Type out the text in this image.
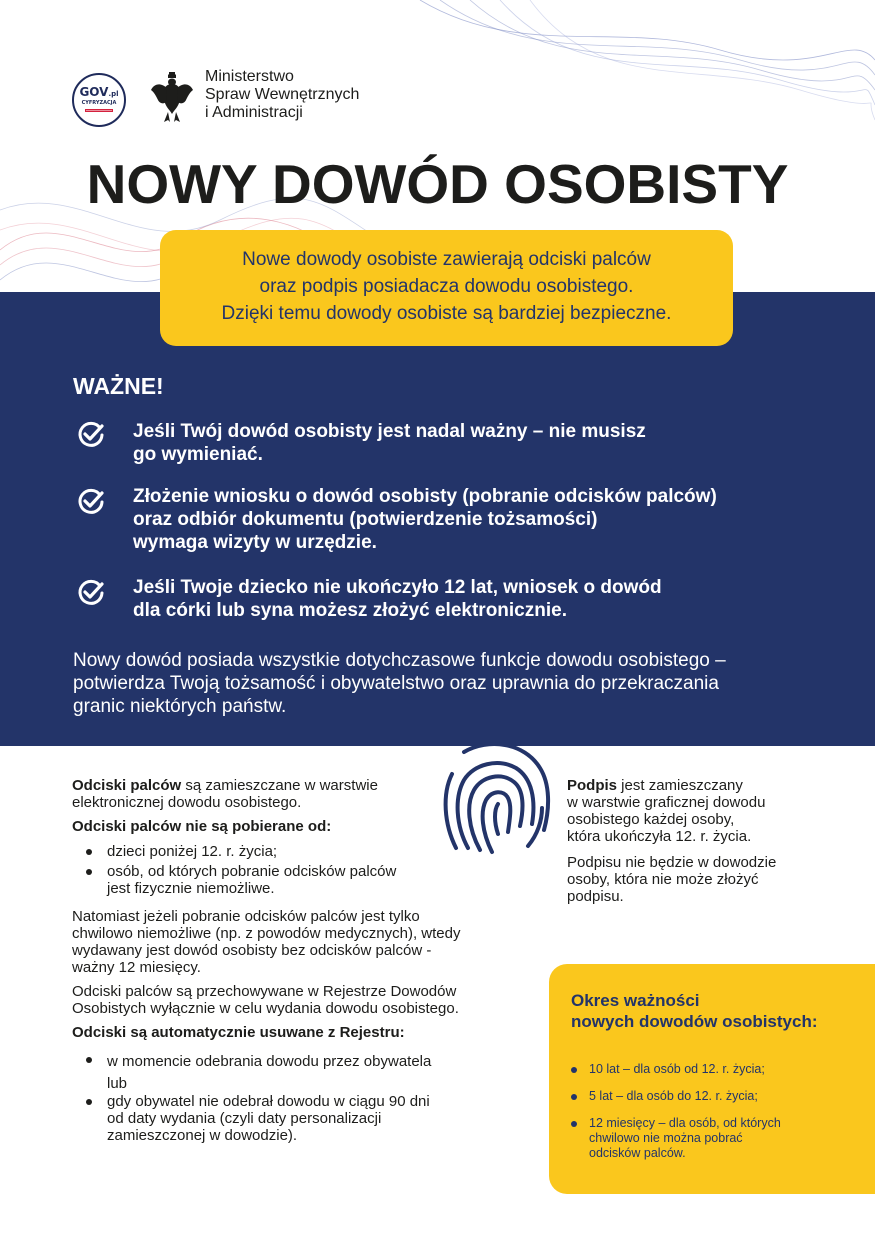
GOV.pl
CYFRYZACJA
Ministerstwo
Spraw Wewnętrznych
i Administracji
NOWY DOWÓD OSOBISTY
Nowe dowody osobiste zawierają odciski palców
oraz podpis posiadacza dowodu osobistego.
Dzięki temu dowody osobiste są bardziej bezpieczne.
WAŻNE!
Jeśli Twój dowód osobisty jest nadal ważny – nie musisz
go wymieniać.
Złożenie wniosku o dowód osobisty (pobranie odcisków palców)
oraz odbiór dokumentu (potwierdzenie tożsamości)
wymaga wizyty w urzędzie.
Jeśli Twoje dziecko nie ukończyło 12 lat, wniosek o dowód
dla córki lub syna możesz złożyć elektronicznie.
Nowy dowód posiada wszystkie dotychczasowe funkcje dowodu osobistego –
potwierdza Twoją tożsamość i obywatelstwo oraz uprawnia do przekraczania
granic niektórych państw.
Odciski palców są zamieszczane w warstwie
elektronicznej dowodu osobistego.
Odciski palców nie są pobierane od:
dzieci poniżej 12. r. życia;
osób, od których pobranie odcisków palców
jest fizycznie niemożliwe.
Natomiast jeżeli pobranie odcisków palców jest tylko
chwilowo niemożliwe (np. z powodów medycznych), wtedy
wydawany jest dowód osobisty bez odcisków palców -
ważny 12 miesięcy.
Odciski palców są przechowywane w Rejestrze Dowodów
Osobistych wyłącznie w celu wydania dowodu osobistego.
Odciski są automatycznie usuwane z Rejestru:
w momencie odebrania dowodu przez obywatela
lub
gdy obywatel nie odebrał dowodu w ciągu 90 dni
od daty wydania (czyli daty personalizacji
zamieszczonej w dowodzie).
Podpis jest zamieszczany
w warstwie graficznej dowodu
osobistego każdej osoby,
która ukończyła 12. r. życia.
Podpisu nie będzie w dowodzie
osoby, która nie może złożyć
podpisu.
Okres ważności
nowych dowodów osobistych:
10 lat – dla osób od 12. r. życia;
5 lat – dla osób do 12. r. życia;
12 miesięcy – dla osób, od których
chwilowo nie można pobrać
odcisków palców.
